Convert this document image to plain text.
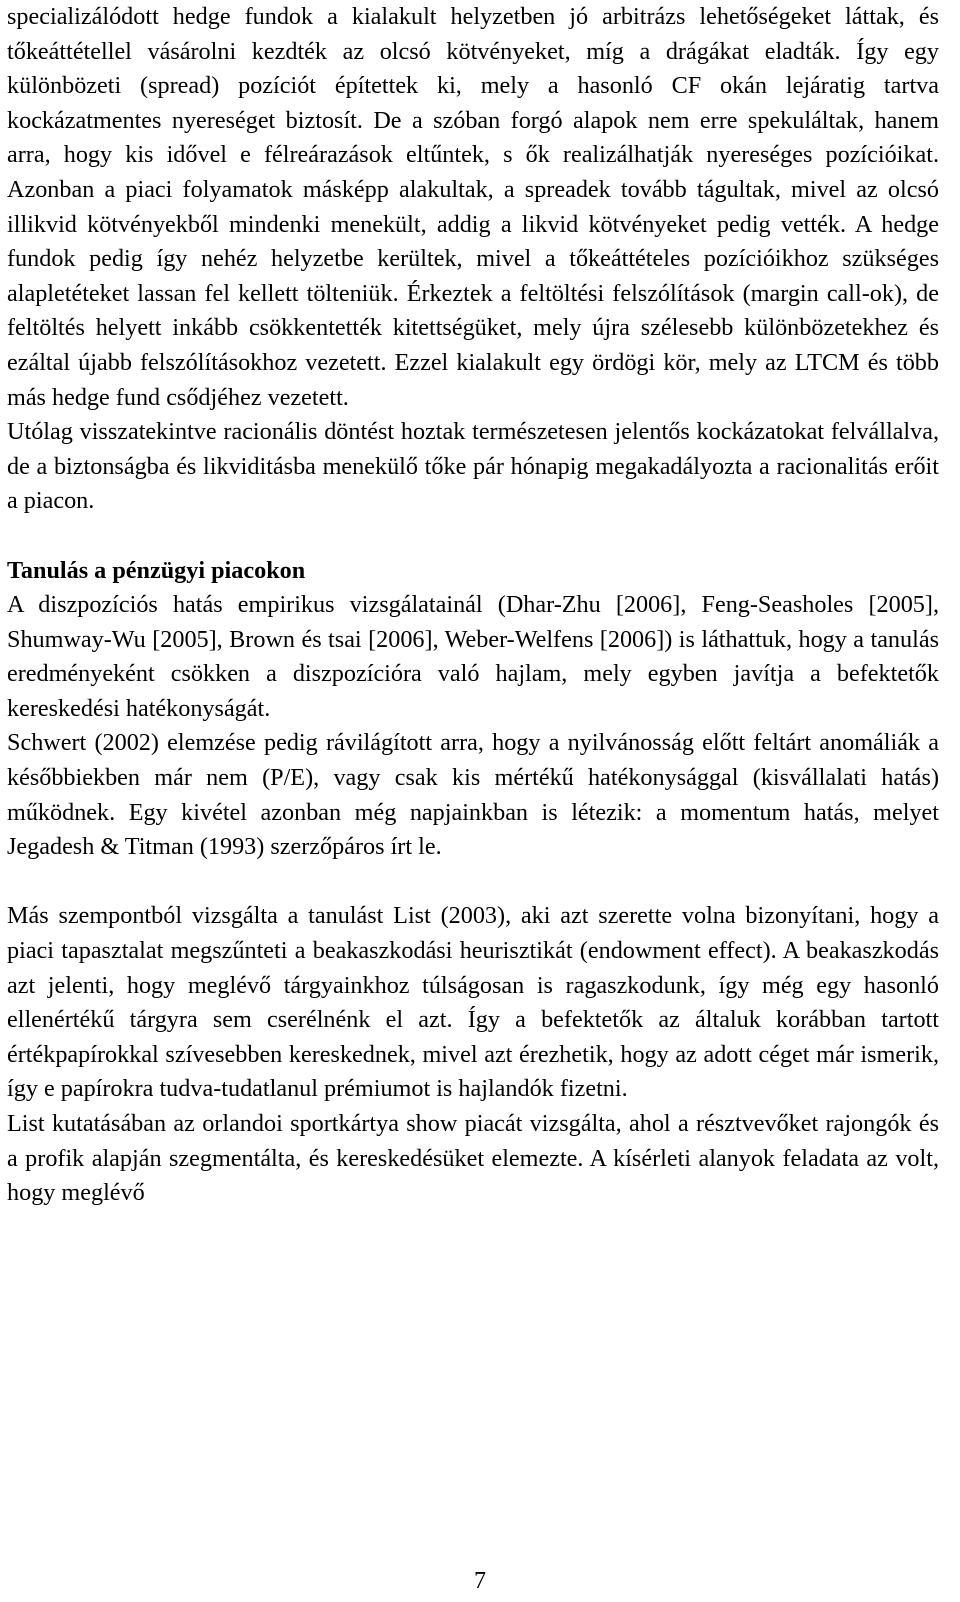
specializálódott hedge fundok a kialakult helyzetben jó arbitrázs lehetőségeket láttak, és tőkeáttétellel vásárolni kezdték az olcsó kötvényeket, míg a drágákat eladták. Így egy különbözeti (spread) pozíciót építettek ki, mely a hasonló CF okán lejáratig tartva kockázatmentes nyereséget biztosít. De a szóban forgó alapok nem erre spekuláltak, hanem arra, hogy kis idővel e félreárazások eltűntek, s ők realizálhatják nyereséges pozícióikat. Azonban a piaci folyamatok másképp alakultak, a spreadek tovább tágultak, mivel az olcsó illikvid kötvényekből mindenki menekült, addig a likvid kötvényeket pedig vették. A hedge fundok pedig így nehéz helyzetbe kerültek, mivel a tőkeáttételes pozícióikhoz szükséges alapletéteket lassan fel kellett tölteniük. Érkeztek a feltöltési felszólítások (margin call-ok), de feltöltés helyett inkább csökkentették kitettségüket, mely újra szélesebb különbözetekhez és ezáltal újabb felszólításokhoz vezetett. Ezzel kialakult egy ördögi kör, mely az LTCM és több más hedge fund csődjéhez vezetett.

Utólag visszatekintve racionális döntést hoztak természetesen jelentős kockázatokat felvállalva, de a biztonságba és likviditásba menekülő tőke pár hónapig megakadályozta a racionalitás erőit a piacon.

Tanulás a pénzügyi piacokon

A diszpozíciós hatás empirikus vizsgálatainál (Dhar-Zhu [2006], Feng-Seasholes [2005], Shumway-Wu [2005], Brown és tsai [2006], Weber-Welfens [2006]) is láthattuk, hogy a tanulás eredményeként csökken a diszpozícióra való hajlam, mely egyben javítja a befektetők kereskedési hatékonyságát.

Schwert (2002) elemzése pedig rávilágított arra, hogy a nyilvánosság előtt feltárt anomáliák a későbbiekben már nem (P/E), vagy csak kis mértékű hatékonysággal (kisvállalati hatás) működnek. Egy kivétel azonban még napjainkban is létezik: a momentum hatás, melyet Jegadesh & Titman (1993) szerzőpáros írt le.

Más szempontból vizsgálta a tanulást List (2003), aki azt szerette volna bizonyítani, hogy a piaci tapasztalat megszűnteti a beakaszkodási heurisztikát (endowment effect). A beakaszkodás azt jelenti, hogy meglévő tárgyainkhoz túlságosan is ragaszkodunk, így még egy hasonló ellenértékű tárgyra sem cserélnénk el azt. Így a befektetők az általuk korábban tartott értékpapírokkal szívesebben kereskednek, mivel azt érezhetik, hogy az adott céget már ismerik, így e papírokra tudva-tudatlanul prémiumot is hajlandók fizetni.

List kutatásában az orlandoi sportkártya show piacát vizsgálta, ahol a résztvevőket rajongók és a profik alapján szegmentálta, és kereskedésüket elemezte. A kísérleti alanyok feladata az volt, hogy meglévő

7
